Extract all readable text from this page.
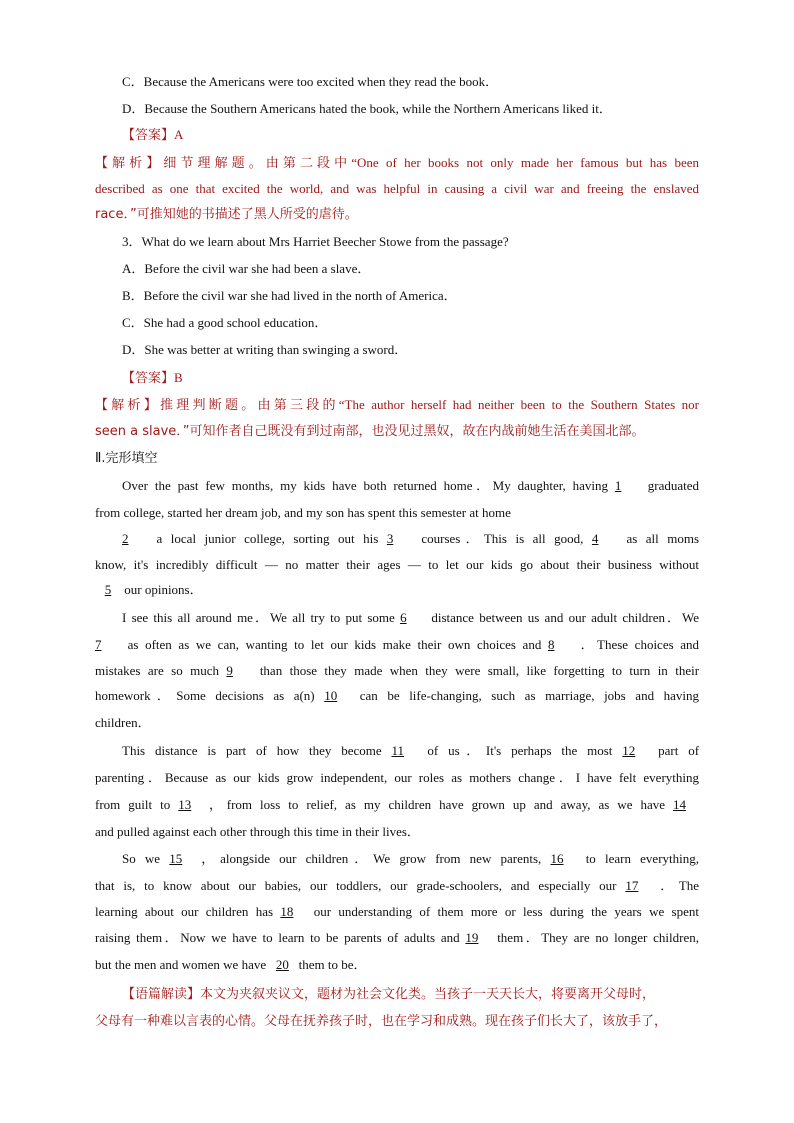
C．Because the Americans were too excited when they read the book．
D．Because the Southern Americans hated the book, while the Northern Americans liked it．
【答案】A
【解析】细节理解题。由第二段中“One of her books not only made her famous but has been
described as one that excited the world, and was helpful in causing a civil war and freeing the enslaved
race．”可推知她的书描述了黑人所受的虐待。
3．What do we learn about Mrs Harriet Beecher Stowe from the passage?
A．Before the civil war she had been a slave．
B．Before the civil war she had lived in the north of America．
C．She had a good school education．
D．She was better at writing than swinging a sword．
【答案】B
【解析】推理判断题。由第三段的“The author herself had neither been to the Southern States nor
seen a slave．”可知作者自己既没有到过南部，也没见过黑奴，故在内战前她生活在美国北部。
Ⅱ.完形填空
Over the past few months, my kids have both returned home．My daughter, having 1 graduated
from college, started her dream job, and my son has spent this semester at home
2 a local junior college, sorting out his 3 courses．This is all good, 4 as all moms
know, it's incredibly difficult — no matter their ages — to let our kids go about their business without
5 our opinions．
I see this all around me．We all try to put some 6 distance between us and our adult children．We
7 as often as we can, wanting to let our kids make their own choices and 8 ．These choices and
mistakes are so much 9 than those they made when they were small, like forgetting to turn in their
homework．Some decisions as a(n) 10 can be life-changing, such as marriage, jobs and having
children．
This distance is part of how they become 11 of us．It's perhaps the most 12 part of
parenting．Because as our kids grow independent, our roles as mothers change．I have felt everything
from guilt to 13 ，from loss to relief, as my children have grown up and away, as we have 14
and pulled against each other through this time in their lives．
So we 15 ，alongside our children．We grow from new parents, 16 to learn everything,
that is, to know about our babies, our toddlers, our grade-schoolers, and especially our 17 ．The
learning about our children has 18 our understanding of them more or less during the years we spent
raising them．Now we have to learn to be parents of adults and 19 them．They are no longer children,
but the men and women we have 20 them to be．
【语篇解读】本文为夹叙夹议文，题材为社会文化类。当孩子一天天长大，将要离开父母时，
父母有一种难以言表的心情。父母在抚养孩子时，也在学习和成熟。现在孩子们长大了，该放手了，
